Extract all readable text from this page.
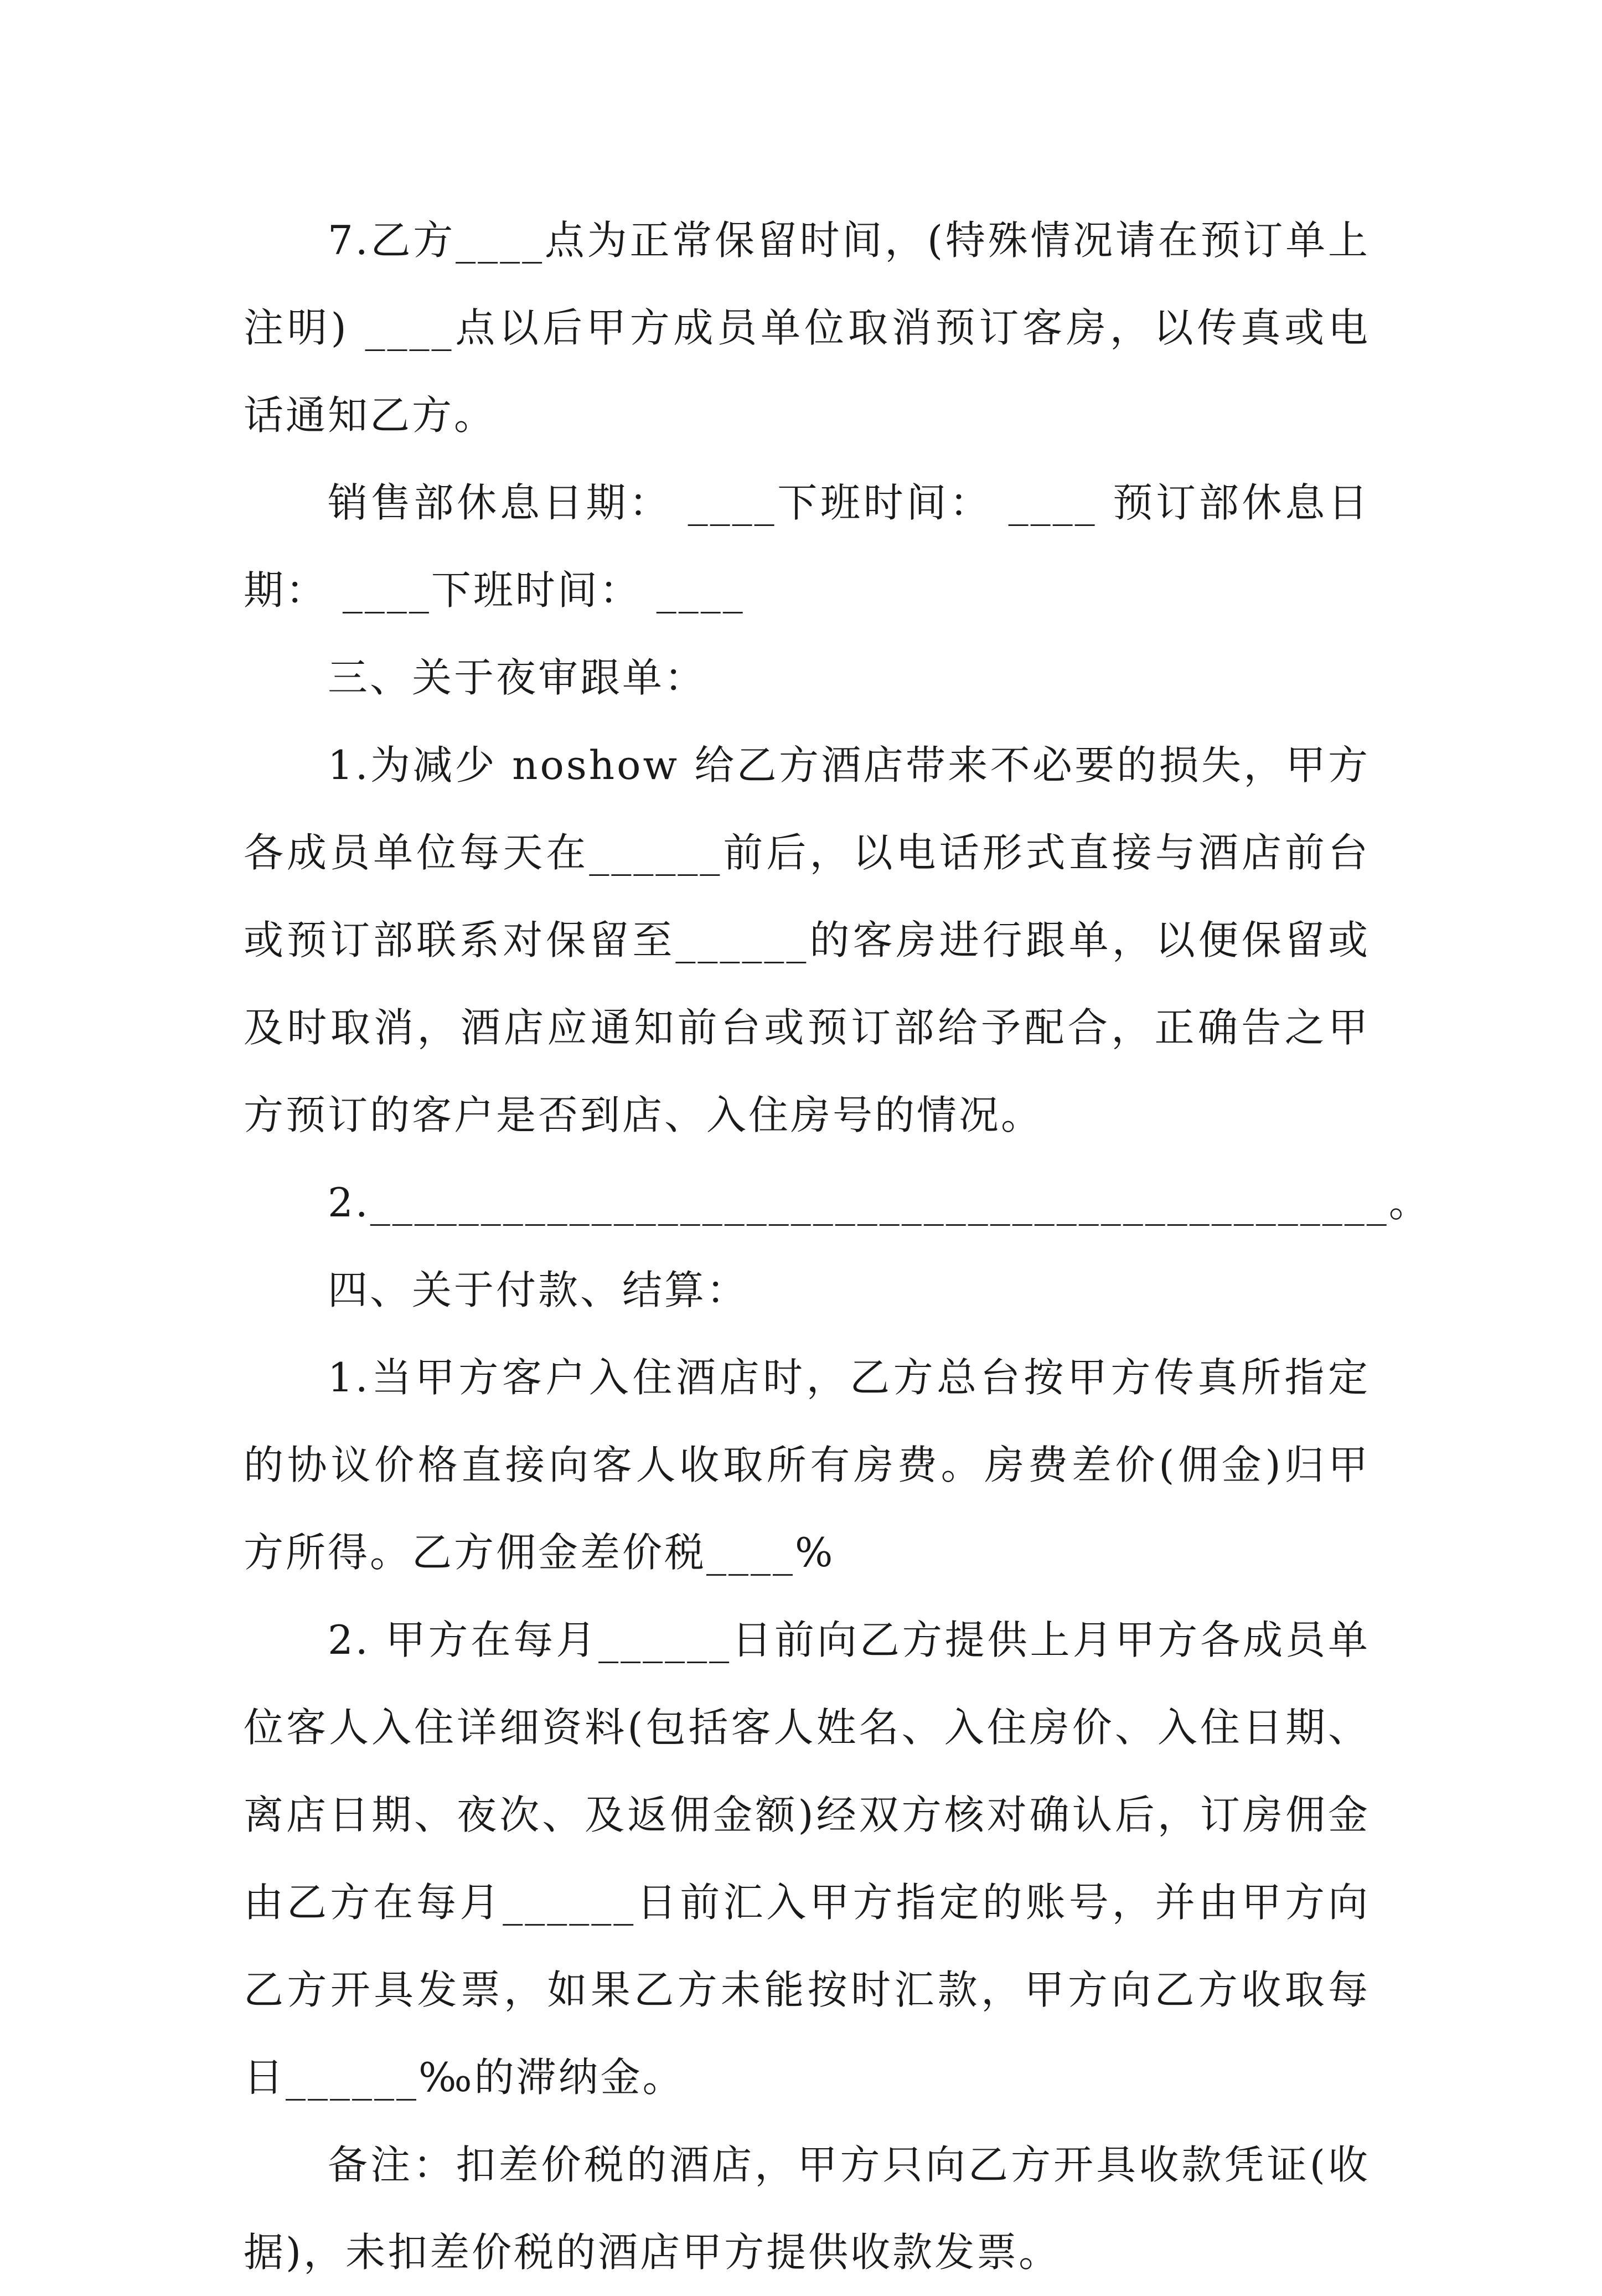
7.乙方____点为正常保留时间，(特殊情况请在预订单上注明) ____点以后甲方成员单位取消预订客房，以传真或电话通知乙方。

销售部休息日期： ____下班时间： ____ 预订部休息日期： ____下班时间： ____

三、关于夜审跟单：

1.为减少 noshow 给乙方酒店带来不必要的损失，甲方各成员单位每天在______前后，以电话形式直接与酒店前台或预订部联系对保留至______的客房进行跟单，以便保留或及时取消，酒店应通知前台或预订部给予配合，正确告之甲方预订的客户是否到店、入住房号的情况。

2.______________________________________________。

四、关于付款、结算：

1.当甲方客户入住酒店时，乙方总台按甲方传真所指定的协议价格直接向客人收取所有房费。房费差价(佣金)归甲方所得。乙方佣金差价税____%

2. 甲方在每月______日前向乙方提供上月甲方各成员单位客人入住详细资料(包括客人姓名、入住房价、入住日期、离店日期、夜次、及返佣金额)经双方核对确认后，订房佣金由乙方在每月______日前汇入甲方指定的账号，并由甲方向乙方开具发票，如果乙方未能按时汇款，甲方向乙方收取每日______‰的滞纳金。

备注：扣差价税的酒店，甲方只向乙方开具收款凭证(收据)，未扣差价税的酒店甲方提供收款发票。
